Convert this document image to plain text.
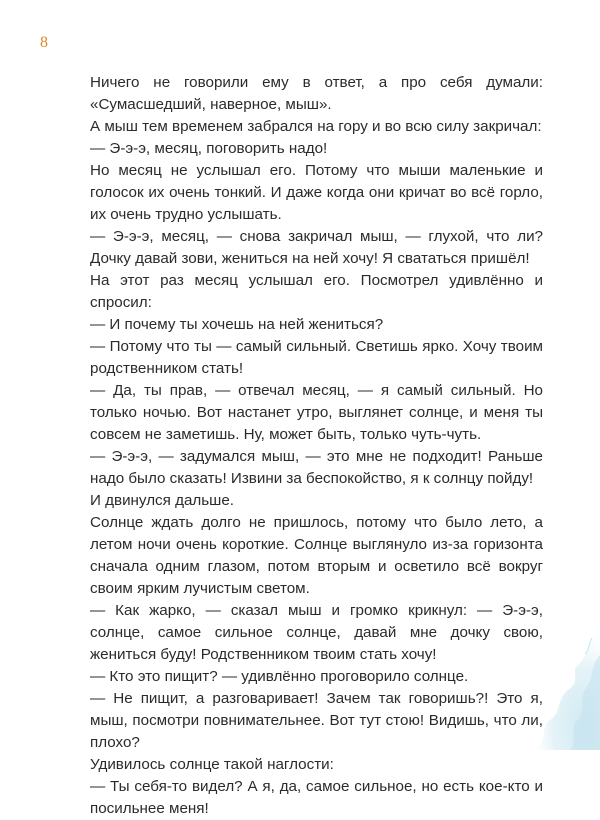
8

Ничего не говорили ему в ответ, а про себя думали: «Сумасшедший, наверное, мыш».

А мыш тем временем забрался на гору и во всю силу закричал:

— Э-э-э, месяц, поговорить надо!

Но месяц не услышал его. Потому что мыши маленькие и голосок их очень тонкий. И даже когда они кричат во всё горло, их очень трудно услышать.

— Э-э-э, месяц, — снова закричал мыш, — глухой, что ли? Дочку давай зови, жениться на ней хочу! Я свататься пришёл!

На этот раз месяц услышал его. Посмотрел удивлённо и спросил:

— И почему ты хочешь на ней жениться?

— Потому что ты — самый сильный. Светишь ярко. Хочу твоим родственником стать!

— Да, ты прав, — отвечал месяц, — я самый сильный. Но только ночью. Вот настанет утро, выглянет солнце, и меня ты совсем не заметишь. Ну, может быть, только чуть-чуть.

— Э-э-э, — задумался мыш, — это мне не подходит! Раньше надо было сказать! Извини за беспокойство, я к солнцу пойду!

И двинулся дальше.

Солнце ждать долго не пришлось, потому что было лето, а летом ночи очень короткие. Солнце выглянуло из-за горизонта сначала одним глазом, потом вторым и осветило всё вокруг своим ярким лучистым светом.

— Как жарко, — сказал мыш и громко крикнул: — Э-э-э, солнце, самое сильное солнце, давай мне дочку свою, жениться буду! Родственником твоим стать хочу!

— Кто это пищит? — удивлённо проговорило солнце.

— Не пищит, а разговаривает! Зачем так говоришь?! Это я, мыш, посмотри повнимательнее. Вот тут стою! Видишь, что ли, плохо?

Удивилось солнце такой наглости:

— Ты себя-то видел? А я, да, самое сильное, но есть кое-кто и посильнее меня!
